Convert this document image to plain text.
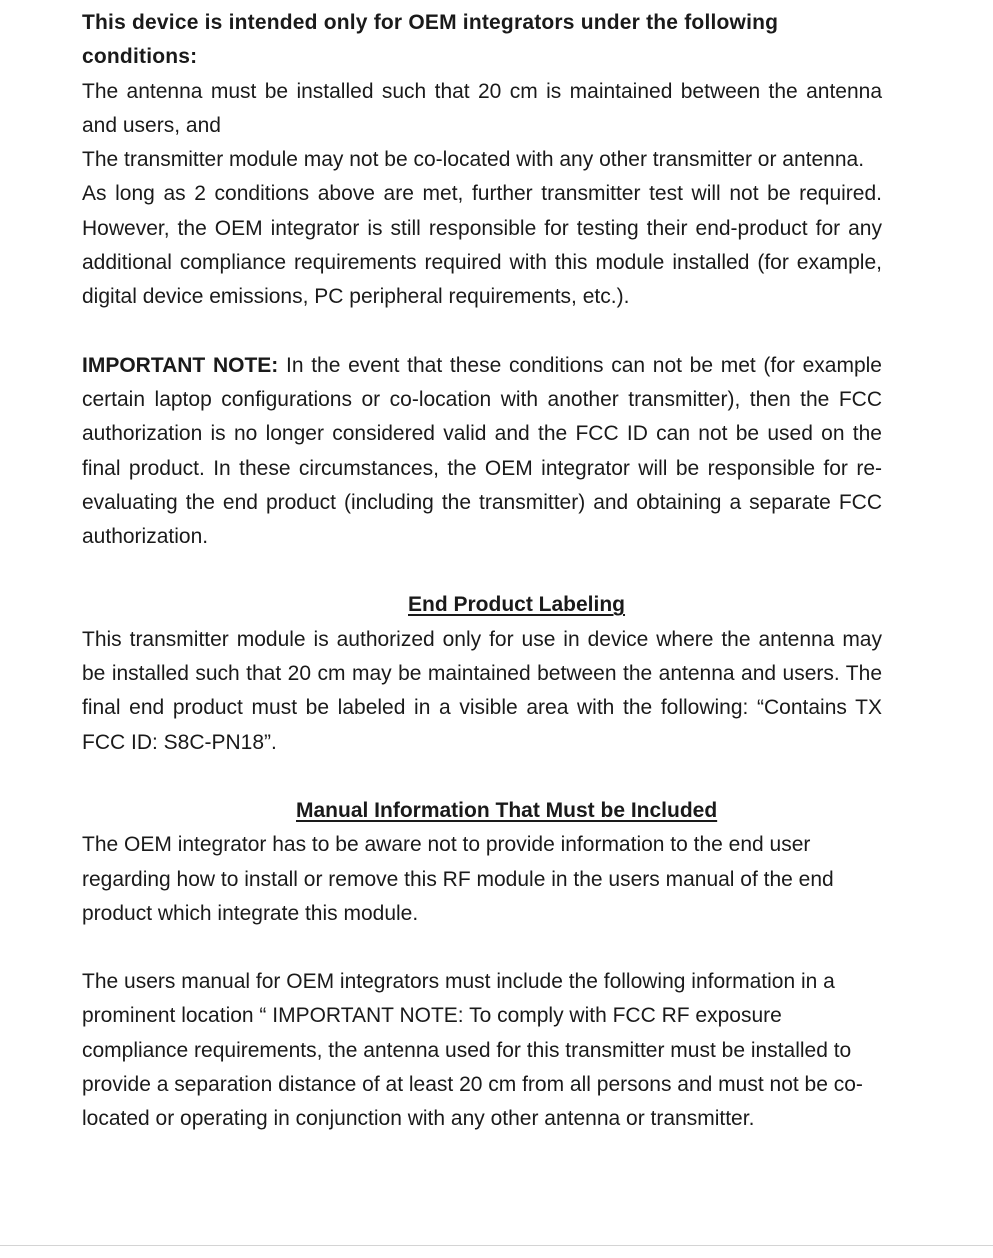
This device is intended only for OEM integrators under the following conditions:

The antenna must be installed such that 20 cm is maintained between the antenna and users, and

The transmitter module may not be co-located with any other transmitter or antenna.

As long as 2 conditions above are met, further transmitter test will not be required. However, the OEM integrator is still responsible for testing their end-product for any additional compliance requirements required with this module installed (for example, digital device emissions, PC peripheral requirements, etc.).

IMPORTANT NOTE: In the event that these conditions can not be met (for example certain laptop configurations or co-location with another transmitter), then the FCC authorization is no longer considered valid and the FCC ID can not be used on the final product. In these circumstances, the OEM integrator will be responsible for re-evaluating the end product (including the transmitter) and obtaining a separate FCC authorization.

End Product Labeling

This transmitter module is authorized only for use in device where the antenna may be installed such that 20 cm may be maintained between the antenna and users. The final end product must be labeled in a visible area with the following: “Contains TX FCC ID: S8C-PN18”.

Manual Information That Must be Included

The OEM integrator has to be aware not to provide information to the end user regarding how to install or remove this RF module in the users manual of the end product which integrate this module.

The users manual for OEM integrators must include the following information in a prominent location “ IMPORTANT NOTE: To comply with FCC RF exposure compliance requirements, the antenna used for this transmitter must be installed to provide a separation distance of at least 20 cm from all persons and must not be co-located or operating in conjunction with any other antenna or transmitter.
